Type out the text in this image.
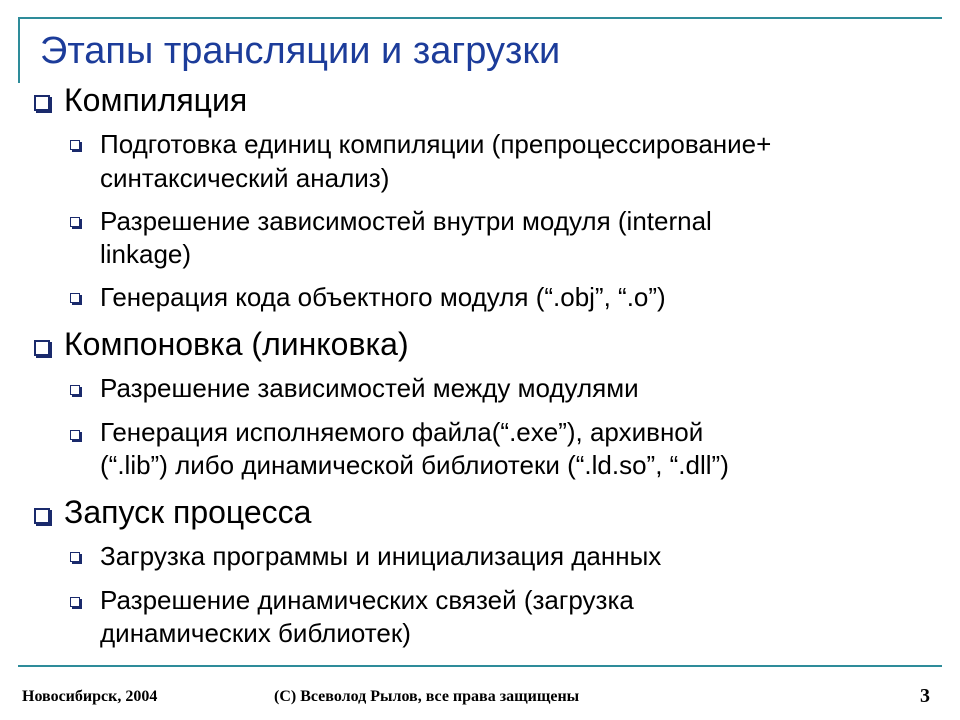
Этапы трансляции и загрузки
Компиляция
Подготовка единиц компиляции (препроцессирование+
синтаксический анализ)
Разрешение зависимостей внутри модуля (internal
linkage)
Генерация кода объектного модуля (“.obj”, “.o”)
Компоновка (линковка)
Разрешение зависимостей между модулями
Генерация исполняемого файла(“.exe”), архивной
(“.lib”) либо динамической библиотеки (“.ld.so”, “.dll”)
Запуск процесса
Загрузка программы и инициализация данных
Разрешение динамических связей (загрузка
динамических библиотек)
Новосибирск, 2004	(С) Всеволод Рылов, все права защищены	3
